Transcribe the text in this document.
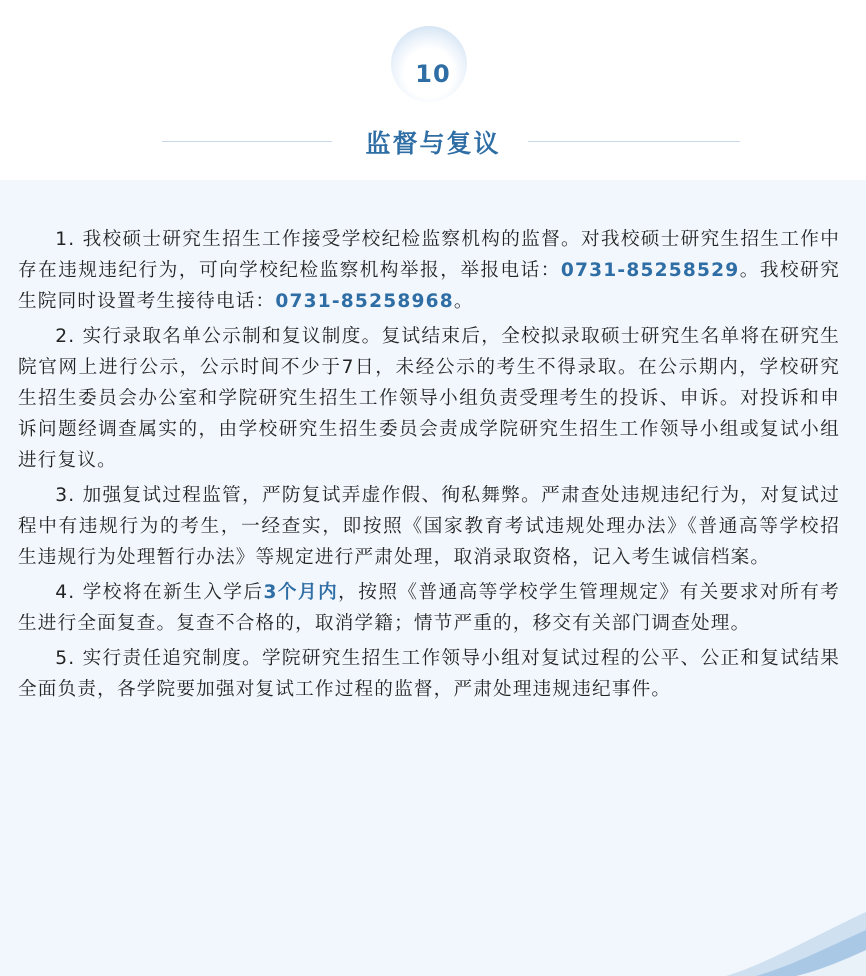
10
监督与复议

1. 我校硕士研究生招生工作接受学校纪检监察机构的监督。对我校硕士研究生招生工作中存在违规违纪行为，可向学校纪检监察机构举报，举报电话：0731-85258529。我校研究生院同时设置考生接待电话：0731-85258968。

2. 实行录取名单公示制和复议制度。复试结束后，全校拟录取硕士研究生名单将在研究生院官网上进行公示，公示时间不少于7日，未经公示的考生不得录取。在公示期内，学校研究生招生委员会办公室和学院研究生招生工作领导小组负责受理考生的投诉、申诉。对投诉和申诉问题经调查属实的，由学校研究生招生委员会责成学院研究生招生工作领导小组或复试小组进行复议。

3. 加强复试过程监管，严防复试弄虚作假、徇私舞弊。严肃查处违规违纪行为，对复试过程中有违规行为的考生，一经查实，即按照《国家教育考试违规处理办法》《普通高等学校招生违规行为处理暂行办法》等规定进行严肃处理，取消录取资格，记入考生诚信档案。

4. 学校将在新生入学后3个月内，按照《普通高等学校学生管理规定》有关要求对所有考生进行全面复查。复查不合格的，取消学籍；情节严重的，移交有关部门调查处理。

5. 实行责任追究制度。学院研究生招生工作领导小组对复试过程的公平、公正和复试结果全面负责，各学院要加强对复试工作过程的监督，严肃处理违规违纪事件。
